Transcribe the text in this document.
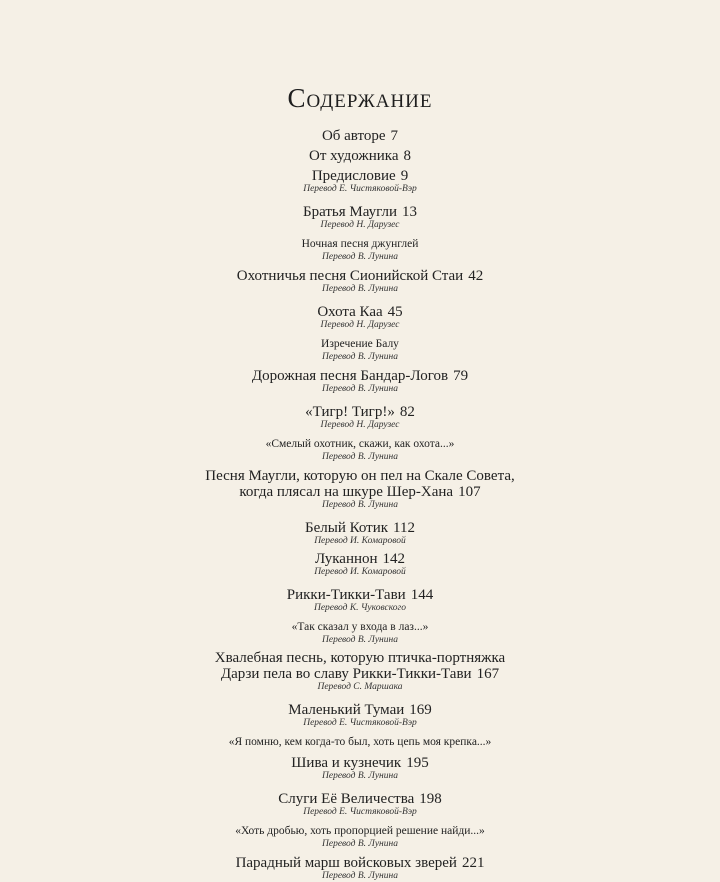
Содержание
Об авторе 7
От художника 8
Предисловие 9
Перевод Е. Чистяковой-Вэр
Братья Маугли 13
Перевод Н. Дарузес
Ночная песня джунглей
Перевод В. Лунина
Охотничья песня Сионийской Стаи 42
Перевод В. Лунина
Охота Каа 45
Перевод Н. Дарузес
Изречение Балу
Перевод В. Лунина
Дорожная песня Бандар-Логов 79
Перевод В. Лунина
«Тигр! Тигр!» 82
Перевод Н. Дарузес
«Смелый охотник, скажи, как охота...»
Перевод В. Лунина
Песня Маугли, которую он пел на Скале Совета,
когда плясал на шкуре Шер-Хана 107
Перевод В. Лунина
Белый Котик 112
Перевод И. Комаровой
Луканнон 142
Перевод И. Комаровой
Рикки-Тикки-Тави 144
Перевод К. Чуковского
«Так сказал у входа в лаз...»
Перевод В. Лунина
Хвалебная песнь, которую птичка-портняжка
Дарзи пела во славу Рикки-Тикки-Тави 167
Перевод С. Маршака
Маленький Тумаи 169
Перевод Е. Чистяковой-Вэр
«Я помню, кем когда-то был, хоть цепь моя крепка...»
Шива и кузнечик 195
Перевод В. Лунина
Слуги Её Величества 198
Перевод Е. Чистяковой-Вэр
«Хоть дробью, хоть пропорцией решение найди...»
Перевод В. Лунина
Парадный марш войсковых зверей 221
Перевод В. Лунина
